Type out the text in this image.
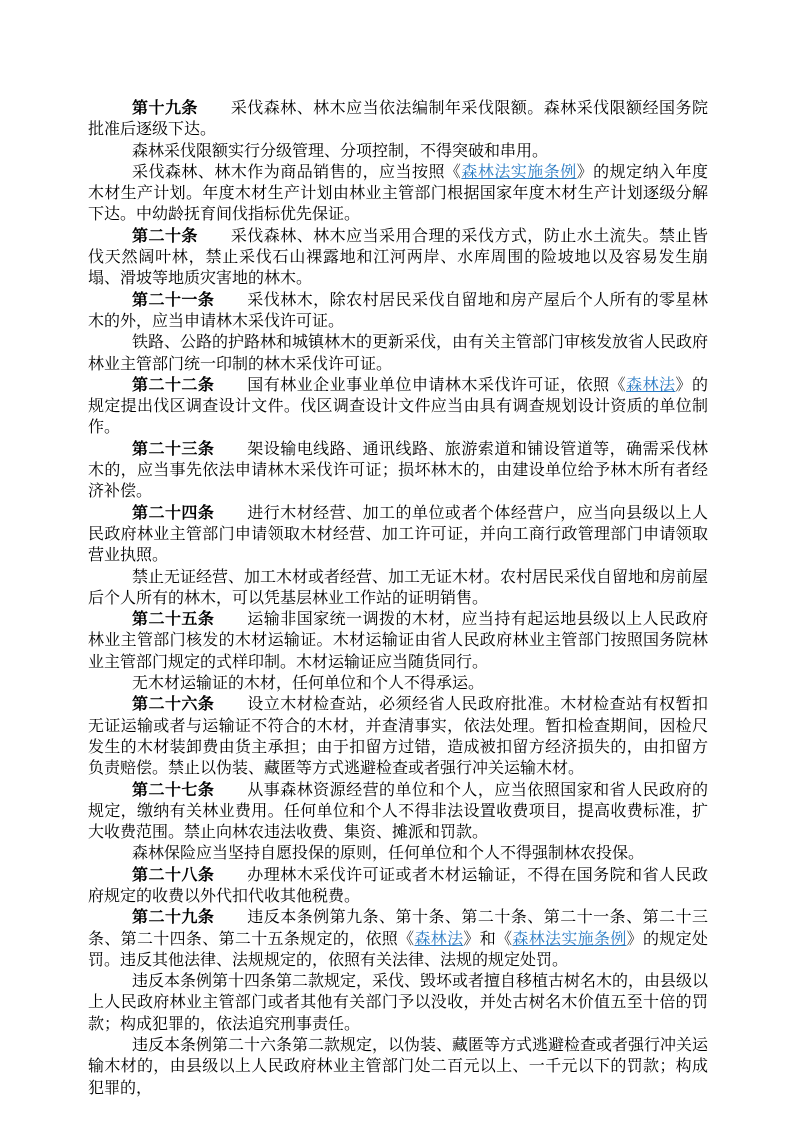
第十九条　　采伐森林、林木应当依法编制年采伐限额。森林采伐限额经国务院批准后逐级下达。

森林采伐限额实行分级管理、分项控制，不得突破和串用。

采伐森林、林木作为商品销售的，应当按照《森林法实施条例》的规定纳入年度木材生产计划。年度木材生产计划由林业主管部门根据国家年度木材生产计划逐级分解下达。中幼龄抚育间伐指标优先保证。

第二十条　　采伐森林、林木应当采用合理的采伐方式，防止水土流失。禁止皆伐天然阔叶林，禁止采伐石山裸露地和江河两岸、水库周围的险坡地以及容易发生崩塌、滑坡等地质灾害地的林木。

第二十一条　　采伐林木，除农村居民采伐自留地和房产屋后个人所有的零星林木的外，应当申请林木采伐许可证。

铁路、公路的护路林和城镇林木的更新采伐，由有关主管部门审核发放省人民政府林业主管部门统一印制的林木采伐许可证。

第二十二条　　国有林业企业事业单位申请林木采伐许可证，依照《森林法》的规定提出伐区调查设计文件。伐区调查设计文件应当由具有调查规划设计资质的单位制作。

第二十三条　　架设输电线路、通讯线路、旅游索道和铺设管道等，确需采伐林木的，应当事先依法申请林木采伐许可证；损坏林木的，由建设单位给予林木所有者经济补偿。

第二十四条　　进行木材经营、加工的单位或者个体经营户，应当向县级以上人民政府林业主管部门申请领取木材经营、加工许可证，并向工商行政管理部门申请领取营业执照。

禁止无证经营、加工木材或者经营、加工无证木材。农村居民采伐自留地和房前屋后个人所有的林木，可以凭基层林业工作站的证明销售。

第二十五条　　运输非国家统一调拨的木材，应当持有起运地县级以上人民政府林业主管部门核发的木材运输证。木材运输证由省人民政府林业主管部门按照国务院林业主管部门规定的式样印制。木材运输证应当随货同行。

无木材运输证的木材，任何单位和个人不得承运。

第二十六条　　设立木材检查站，必须经省人民政府批准。木材检查站有权暂扣无证运输或者与运输证不符合的木材，并查清事实，依法处理。暂扣检查期间，因检尺发生的木材装卸费由货主承担；由于扣留方过错，造成被扣留方经济损失的，由扣留方负责赔偿。禁止以伪装、藏匿等方式逃避检查或者强行冲关运输木材。

第二十七条　　从事森林资源经营的单位和个人，应当依照国家和省人民政府的规定，缴纳有关林业费用。任何单位和个人不得非法设置收费项目，提高收费标准，扩大收费范围。禁止向林农违法收费、集资、摊派和罚款。

森林保险应当坚持自愿投保的原则，任何单位和个人不得强制林农投保。

第二十八条　　办理林木采伐许可证或者木材运输证，不得在国务院和省人民政府规定的收费以外代扣代收其他税费。

第二十九条　　违反本条例第九条、第十条、第二十条、第二十一条、第二十三条、第二十四条、第二十五条规定的，依照《森林法》和《森林法实施条例》的规定处罚。违反其他法律、法规规定的，依照有关法律、法规的规定处罚。

违反本条例第十四条第二款规定，采伐、毁坏或者擅自移植古树名木的，由县级以上人民政府林业主管部门或者其他有关部门予以没收，并处古树名木价值五至十倍的罚款；构成犯罪的，依法追究刑事责任。

违反本条例第二十六条第二款规定，以伪装、藏匿等方式逃避检查或者强行冲关运输木材的，由县级以上人民政府林业主管部门处二百元以上、一千元以下的罚款；构成犯罪的，
